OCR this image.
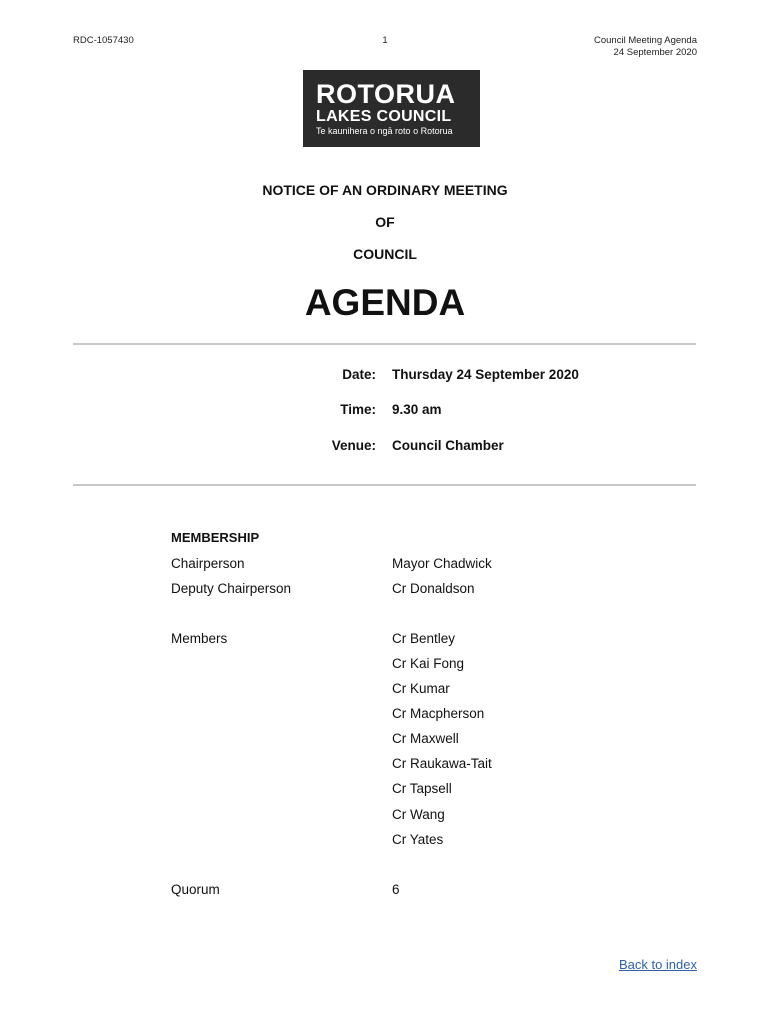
RDC-1057430	1	Council Meeting Agenda
24 September 2020
ROTORUA
LAKES COUNCIL
Te kaunihera o ngā roto o Rotorua
NOTICE OF AN ORDINARY MEETING
OF
COUNCIL
AGENDA
Date: Thursday 24 September 2020
Time: 9.30 am
Venue: Council Chamber
MEMBERSHIP
Chairperson	Mayor Chadwick
Deputy Chairperson	Cr Donaldson
Members	Cr Bentley
Cr Kai Fong
Cr Kumar
Cr Macpherson
Cr Maxwell
Cr Raukawa-Tait
Cr Tapsell
Cr Wang
Cr Yates
Quorum	6
Back to index
